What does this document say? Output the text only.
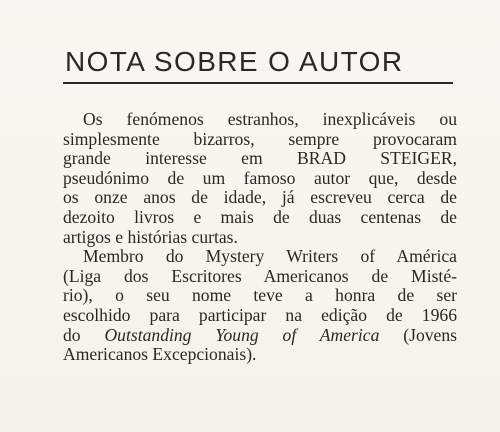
NOTA SOBRE O AUTOR
Os fenómenos estranhos, inexplicáveis ou
simplesmente bizarros, sempre provocaram
grande interesse em BRAD STEIGER,
pseudónimo de um famoso autor que, desde
os onze anos de idade, já escreveu cerca de
dezoito livros e mais de duas centenas de
artigos e histórias curtas.
Membro do Mystery Writers of América
(Liga dos Escritores Americanos de Misté-
rio), o seu nome teve a honra de ser
escolhido para participar na edição de 1966
do Outstanding Young of America (Jovens
Americanos Excepcionais).
